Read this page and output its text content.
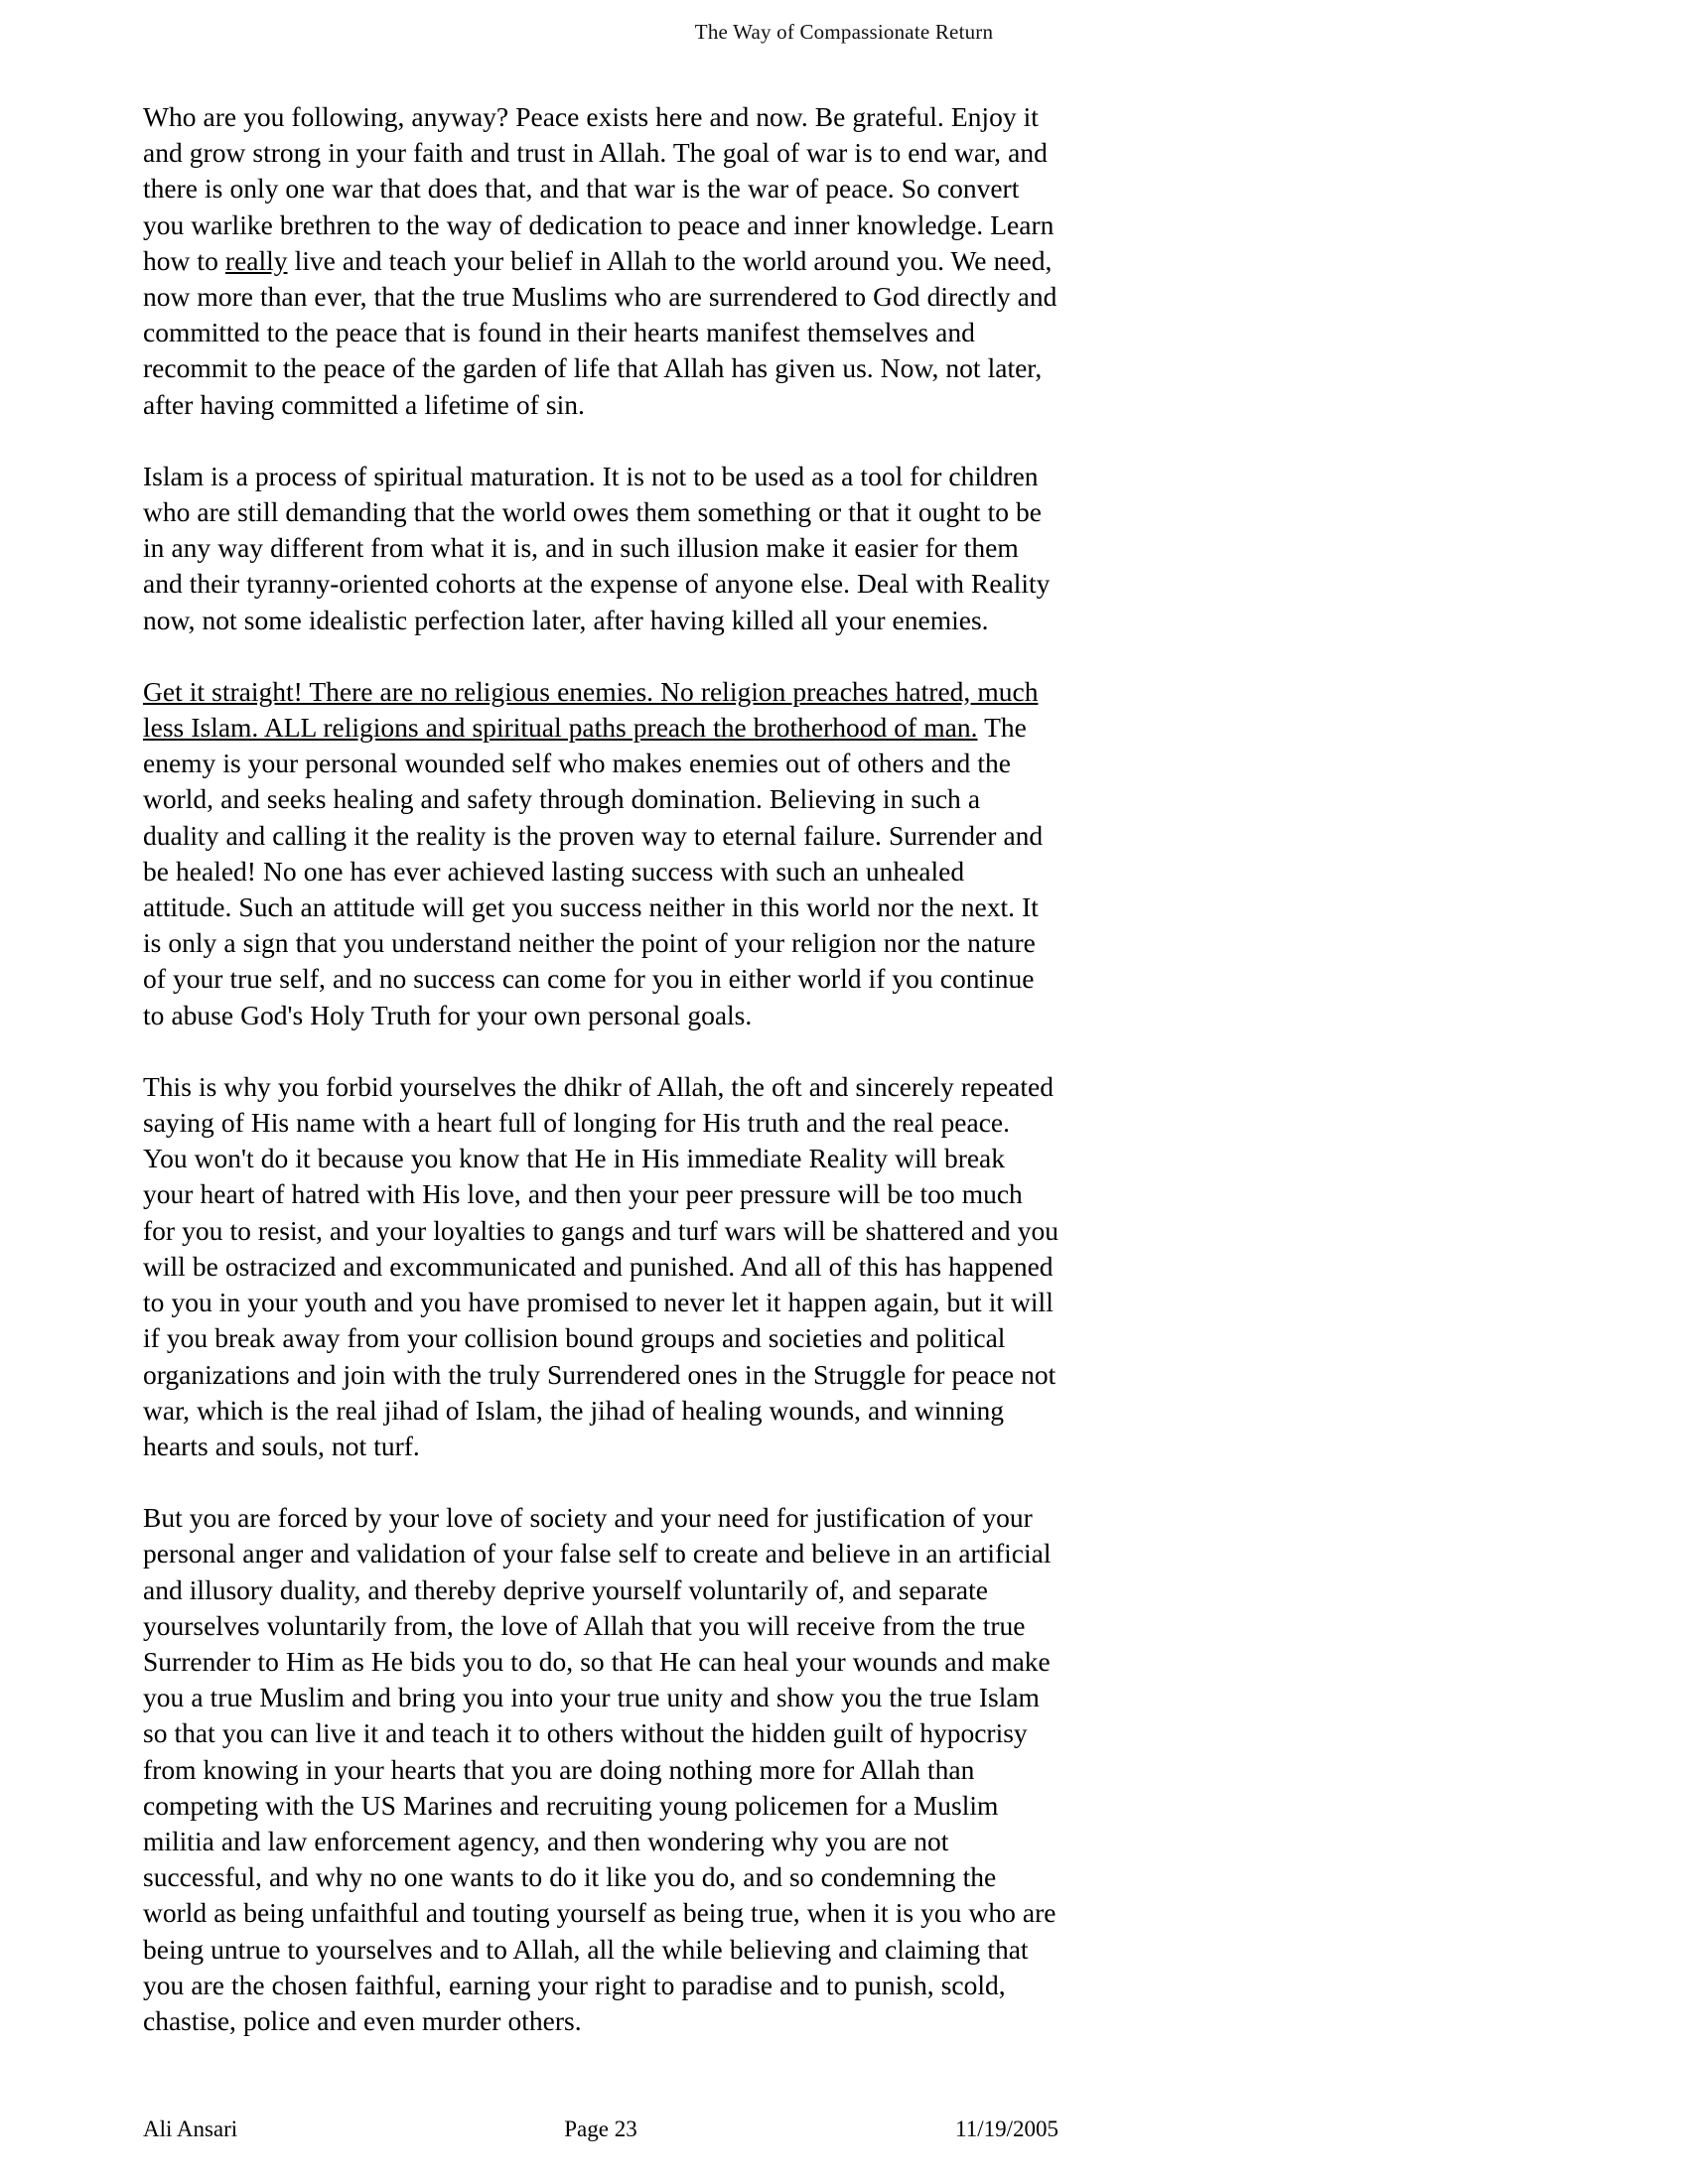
The Way of Compassionate Return

Who are you following, anyway? Peace exists here and now. Be grateful. Enjoy it and grow strong in your faith and trust in Allah. The goal of war is to end war, and there is only one war that does that, and that war is the war of peace. So convert you warlike brethren to the way of dedication to peace and inner knowledge. Learn how to really live and teach your belief in Allah to the world around you. We need, now more than ever, that the true Muslims who are surrendered to God directly and committed to the peace that is found in their hearts manifest themselves and recommit to the peace of the garden of life that Allah has given us. Now, not later, after having committed a lifetime of sin.

Islam is a process of spiritual maturation. It is not to be used as a tool for children who are still demanding that the world owes them something or that it ought to be in any way different from what it is, and in such illusion make it easier for them and their tyranny-oriented cohorts at the expense of anyone else. Deal with Reality now, not some idealistic perfection later, after having killed all your enemies.

Get it straight! There are no religious enemies. No religion preaches hatred, much less Islam. ALL religions and spiritual paths preach the brotherhood of man. The enemy is your personal wounded self who makes enemies out of others and the world, and seeks healing and safety through domination. Believing in such a duality and calling it the reality is the proven way to eternal failure. Surrender and be healed! No one has ever achieved lasting success with such an unhealed attitude. Such an attitude will get you success neither in this world nor the next. It is only a sign that you understand neither the point of your religion nor the nature of your true self, and no success can come for you in either world if you continue to abuse God's Holy Truth for your own personal goals.

This is why you forbid yourselves the dhikr of Allah, the oft and sincerely repeated saying of His name with a heart full of longing for His truth and the real peace. You won't do it because you know that He in His immediate Reality will break your heart of hatred with His love, and then your peer pressure will be too much for you to resist, and your loyalties to gangs and turf wars will be shattered and you will be ostracized and excommunicated and punished. And all of this has happened to you in your youth and you have promised to never let it happen again, but it will if you break away from your collision bound groups and societies and political organizations and join with the truly Surrendered ones in the Struggle for peace not war, which is the real jihad of Islam, the jihad of healing wounds, and winning hearts and souls, not turf.

But you are forced by your love of society and your need for justification of your personal anger and validation of your false self to create and believe in an artificial and illusory duality, and thereby deprive yourself voluntarily of, and separate yourselves voluntarily from, the love of Allah that you will receive from the true Surrender to Him as He bids you to do, so that He can heal your wounds and make you a true Muslim and bring you into your true unity and show you the true Islam so that you can live it and teach it to others without the hidden guilt of hypocrisy from knowing in your hearts that you are doing nothing more for Allah than competing with the US Marines and recruiting young policemen for a Muslim militia and law enforcement agency, and then wondering why you are not successful, and why no one wants to do it like you do, and so condemning the world as being unfaithful and touting yourself as being true, when it is you who are being untrue to yourselves and to Allah, all the while believing and claiming that you are the chosen faithful, earning your right to paradise and to punish, scold, chastise, police and even murder others.

Ali Ansari	Page 23	11/19/2005
